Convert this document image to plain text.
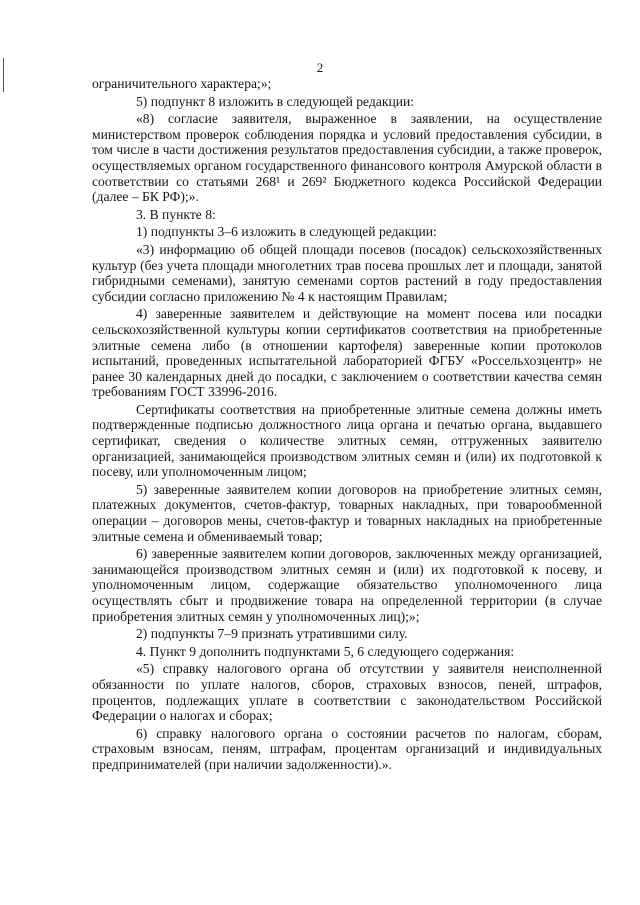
2

ограничительного характера;»;

5) подпункт 8 изложить в следующей редакции:

«8) согласие заявителя, выраженное в заявлении, на осуществление министерством проверок соблюдения порядка и условий предоставления субсидии, в том числе в части достижения результатов предоставления субсидии, а также проверок, осуществляемых органом государственного финансового контроля Амурской области в соответствии со статьями 268¹ и 269² Бюджетного кодекса Российской Федерации (далее – БК РФ);».

3. В пункте 8:

1) подпункты 3–6 изложить в следующей редакции:

«3) информацию об общей площади посевов (посадок) сельскохозяйственных культур (без учета площади многолетних трав посева прошлых лет и площади, занятой гибридными семенами), занятую семенами сортов растений в году предоставления субсидии согласно приложению № 4 к настоящим Правилам;

4) заверенные заявителем и действующие на момент посева или посадки сельскохозяйственной культуры копии сертификатов соответствия на приобретенные элитные семена либо (в отношении картофеля) заверенные копии протоколов испытаний, проведенных испытательной лабораторией ФГБУ «Россельхозцентр» не ранее 30 календарных дней до посадки, с заключением о соответствии качества семян требованиям ГОСТ 33996-2016.

Сертификаты соответствия на приобретенные элитные семена должны иметь подтвержденные подписью должностного лица органа и печатью органа, выдавшего сертификат, сведения о количестве элитных семян, отгруженных заявителю организацией, занимающейся производством элитных семян и (или) их подготовкой к посеву, или уполномоченным лицом;

5) заверенные заявителем копии договоров на приобретение элитных семян, платежных документов, счетов-фактур, товарных накладных, при товарообменной операции – договоров мены, счетов-фактур и товарных накладных на приобретенные элитные семена и обмениваемый товар;

6) заверенные заявителем копии договоров, заключенных между организацией, занимающейся производством элитных семян и (или) их подготовкой к посеву, и уполномоченным лицом, содержащие обязательство уполномоченного лица осуществлять сбыт и продвижение товара на определенной территории (в случае приобретения элитных семян у уполномоченных лиц);»;

2) подпункты 7–9 признать утратившими силу.

4. Пункт 9 дополнить подпунктами 5, 6 следующего содержания:

«5) справку налогового органа об отсутствии у заявителя неисполненной обязанности по уплате налогов, сборов, страховых взносов, пеней, штрафов, процентов, подлежащих уплате в соответствии с законодательством Российской Федерации о налогах и сборах;

6) справку налогового органа о состоянии расчетов по налогам, сборам, страховым взносам, пеням, штрафам, процентам организаций и индивидуальных предпринимателей (при наличии задолженности).».
